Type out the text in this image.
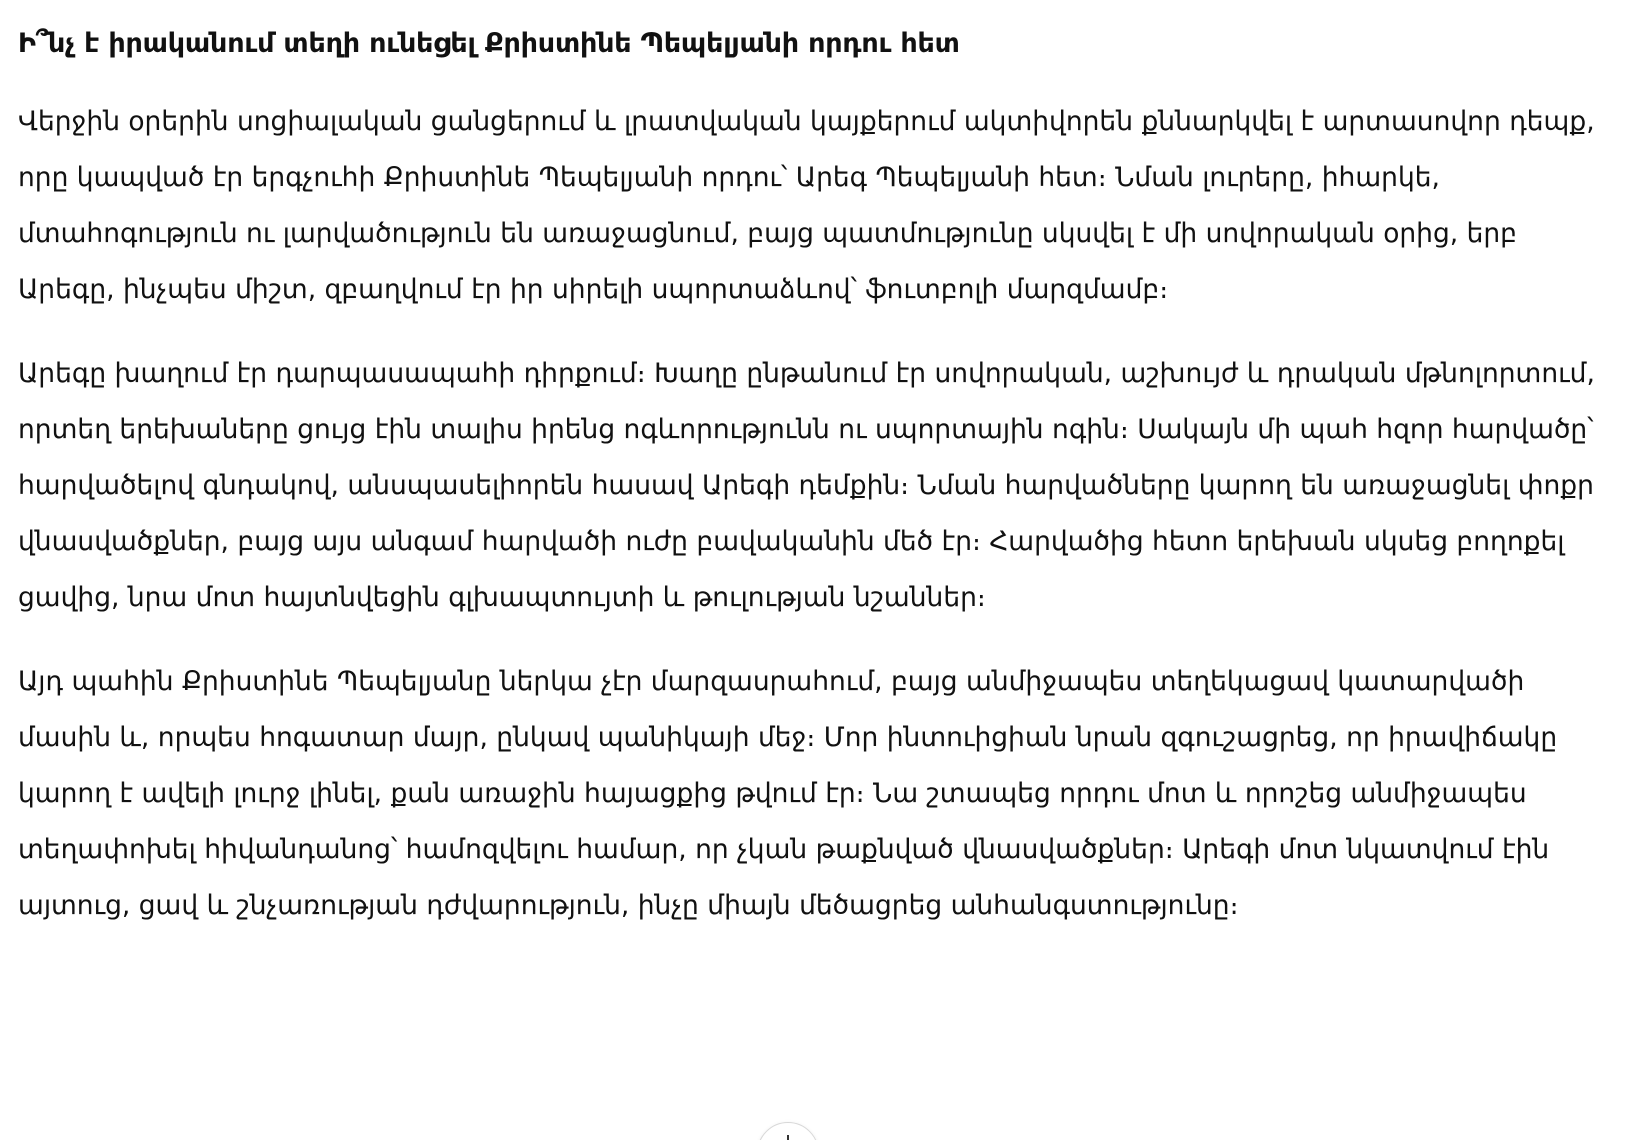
Ի՞նչ է իրականում տեղի ունեցել Քրիստինե Պեպելյանի որդու հետ

Վերջին օրերին սոցիալական ցանցերում և լրատվական կայքերում ակտիվորեն քննարկվել է արտասովոր դեպք, որը կապված էր երգչուհի Քրիստինե Պեպելյանի որդու՝ Արեգ Պեպելյանի հետ։ Նման լուրերը, իհարկե, մտահոգություն ու լարվածություն են առաջացնում, բայց պատմությունը սկսվել է մի սովորական օրից, երբ Արեգը, ինչպես միշտ, զբաղվում էր իր սիրելի սպորտաձևով՝ ֆուտբոլի մարզմամբ։

Արեգը խաղում էր դարպասապահի դիրքում։ Խաղը ընթանում էր սովորական, աշխույժ և դրական մթնոլորտում, որտեղ երեխաները ցույց էին տալիս իրենց ոգևորությունն ու սպորտային ոգին։ Սակայն մի պահ հզոր հարվածը՝ հարվածելով գնդակով, անսպասելիորեն հասավ Արեգի դեմքին։ Նման հարվածները կարող են առաջացնել փոքր վնասվածքներ, բայց այս անգամ հարվածի ուժը բավականին մեծ էր։ Հարվածից հետո երեխան սկսեց բողոքել ցավից, նրա մոտ հայտնվեցին գլխապտույտի և թուլության նշաններ։

Այդ պահին Քրիստինե Պեպելյանը ներկա չէր մարզասրահում, բայց անմիջապես տեղեկացավ կատարվածի մասին և, որպես հոգատար մայր, ընկավ պանիկայի մեջ։ Մոր ինտուիցիան նրան զգուշացրեց, որ իրավիճակը կարող է ավելի լուրջ լինել, քան առաջին հայացքից թվում էր։ Նա շտապեց որդու մոտ և որոշեց անմիջապես տեղափոխել հիվանդանոց՝ համոզվելու համար, որ չկան թաքնված վնասվածքներ։ Արեգի մոտ նկատվում էին այտուց, ցավ և շնչառության դժվարություն, ինչը միայն մեծացրեց անհանգստությունը։
